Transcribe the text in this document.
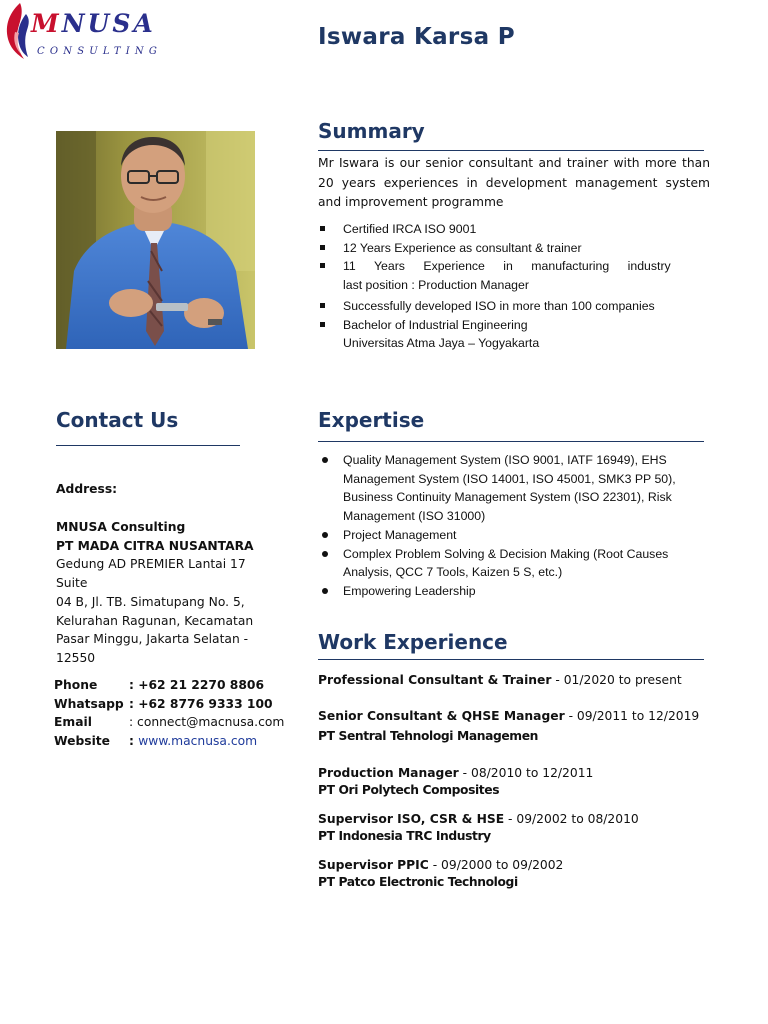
MNUSA
CONSULTING
Iswara Karsa P
Summary

Mr Iswara is our senior consultant and trainer with more than 20 years experiences in development management system and improvement programme

Certified IRCA ISO 9001
12 Years Experience as consultant & trainer
11 Years Experience in manufacturing industry
last position : Production Manager
Successfully developed ISO in more than 100 companies
Bachelor of Industrial Engineering
Universitas Atma Jaya – Yogyakarta
Contact Us
Address:
MNUSA Consulting
PT MADA CITRA NUSANTARA
Gedung AD PREMIER Lantai 17 Suite
04 B, Jl. TB. Simatupang No. 5,
Kelurahan Ragunan, Kecamatan
Pasar Minggu, Jakarta Selatan -
12550
Phone	: +62 21 2270 8806
Whatsapp : +62 8776 9333 100
Email	: connect@macnusa.com
Website	: www.macnusa.com
Expertise
Quality Management System (ISO 9001, IATF 16949), EHS Management System (ISO 14001, ISO 45001, SMK3 PP 50), Business Continuity Management System (ISO 22301), Risk Management (ISO 31000)
Project Management
Complex Problem Solving & Decision Making (Root Causes Analysis, QCC 7 Tools, Kaizen 5 S, etc.)
Empowering Leadership
Work Experience
Professional Consultant & Trainer - 01/2020 to present
Senior Consultant & QHSE Manager - 09/2011 to 12/2019
PT Sentral Tehnologi Managemen
Production Manager - 08/2010 to 12/2011
PT Ori Polytech Composites
Supervisor ISO, CSR & HSE - 09/2002 to 08/2010
PT Indonesia TRC Industry
Supervisor PPIC - 09/2000 to 09/2002
PT Patco Electronic Technologi
